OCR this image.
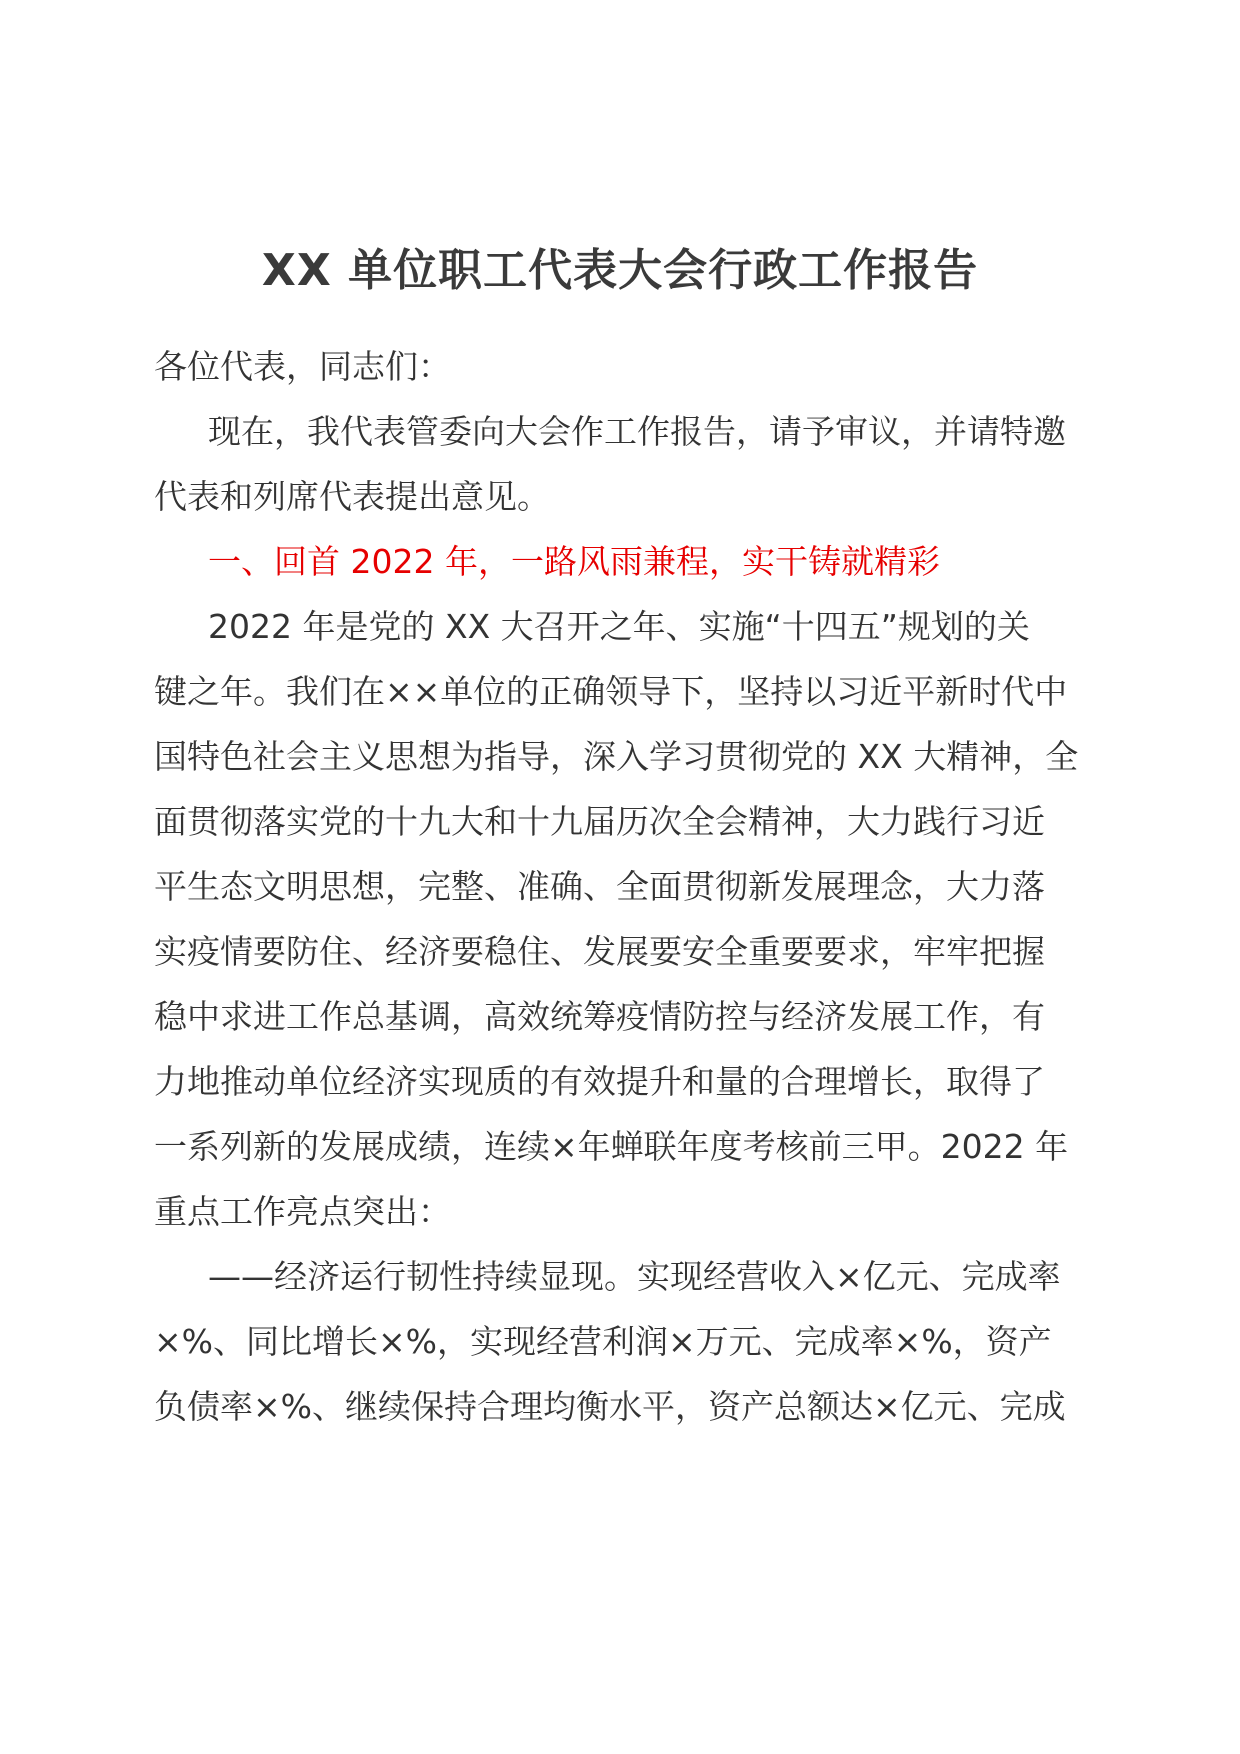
XX 单位职工代表大会行政工作报告
各位代表，同志们：
现在，我代表管委向大会作工作报告，请予审议，并请特邀
代表和列席代表提出意见。
一、回首 2022 年，一路风雨兼程，实干铸就精彩
2022 年是党的 XX 大召开之年、实施“十四五”规划的关
键之年。我们在××单位的正确领导下，坚持以习近平新时代中
国特色社会主义思想为指导，深入学习贯彻党的 XX 大精神，全
面贯彻落实党的十九大和十九届历次全会精神，大力践行习近
平生态文明思想，完整、准确、全面贯彻新发展理念，大力落
实疫情要防住、经济要稳住、发展要安全重要要求，牢牢把握
稳中求进工作总基调，高效统筹疫情防控与经济发展工作，有
力地推动单位经济实现质的有效提升和量的合理增长，取得了
一系列新的发展成绩，连续×年蝉联年度考核前三甲。2022 年
重点工作亮点突出：
——经济运行韧性持续显现。实现经营收入×亿元、完成率
×%、同比增长×%，实现经营利润×万元、完成率×%，资产
负债率×%、继续保持合理均衡水平，资产总额达×亿元、完成
